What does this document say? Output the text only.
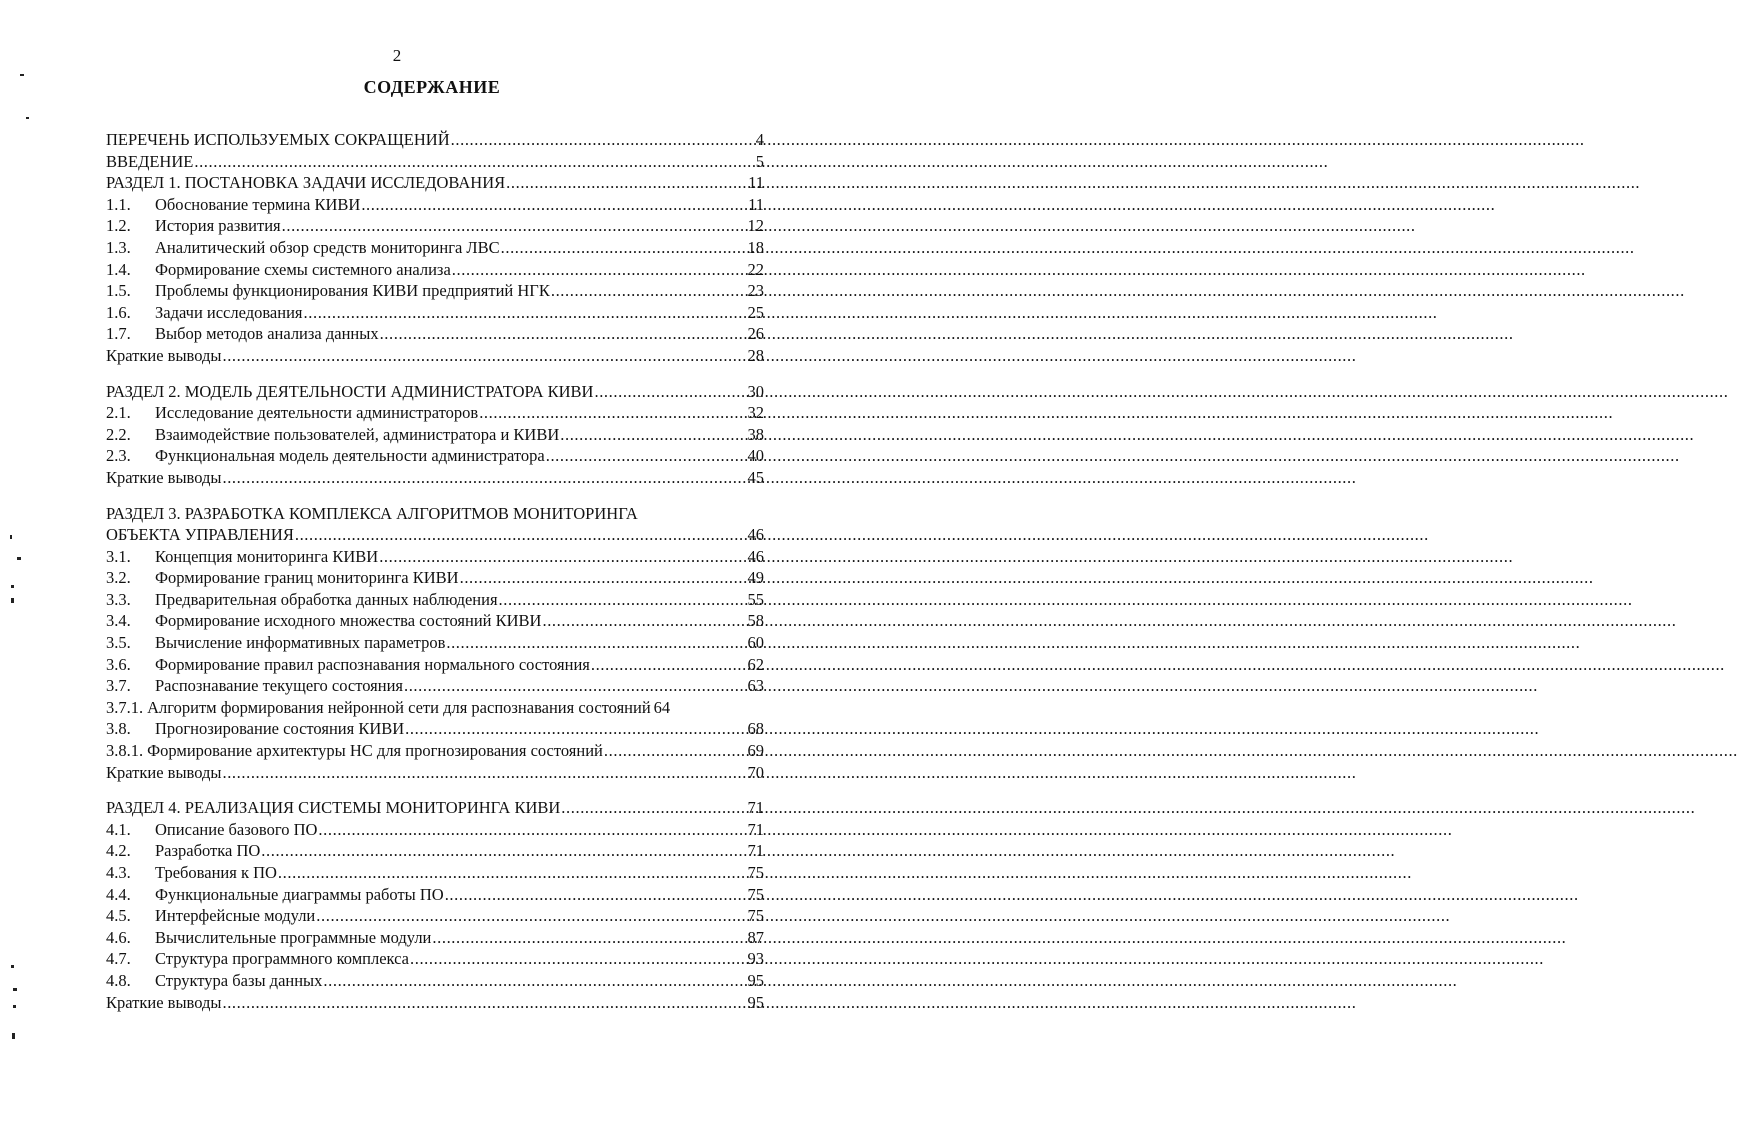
2
СОДЕРЖАНИЕ
ПЕРЕЧЕНЬ ИСПОЛЬЗУЕМЫХ СОКРАЩЕНИЙ .....	4
ВВЕДЕНИЕ .....	5
РАЗДЕЛ 1. ПОСТАНОВКА ЗАДАЧИ ИССЛЕДОВАНИЯ .....	11
1.1.	Обоснование термина КИВИ .....	11
1.2.	История развития .....	12
1.3.	Аналитический обзор средств мониторинга ЛВС .....	18
1.4.	Формирование схемы системного анализа .....	22
1.5.	Проблемы функционирования КИВИ предприятий НГК .....	23
1.6.	Задачи исследования .....	25
1.7.	Выбор методов анализа данных .....	26
Краткие выводы .....	28
РАЗДЕЛ 2. МОДЕЛЬ ДЕЯТЕЛЬНОСТИ АДМИНИСТРАТОРА КИВИ .....	30
2.1.	Исследование деятельности администраторов .....	32
2.2.	Взаимодействие пользователей, администратора и КИВИ .....	38
2.3.	Функциональная модель деятельности администратора .....	40
Краткие выводы .....	45
РАЗДЕЛ 3. РАЗРАБОТКА КОМПЛЕКСА АЛГОРИТМОВ МОНИТОРИНГА
ОБЪЕКТА УПРАВЛЕНИЯ .....	46
3.1.	Концепция мониторинга КИВИ .....	46
3.2.	Формирование границ мониторинга КИВИ .....	49
3.3.	Предварительная обработка данных наблюдения .....	55
3.4.	Формирование исходного множества состояний КИВИ .....	58
3.5.	Вычисление информативных параметров .....	60
3.6.	Формирование правил распознавания нормального состояния .....	62
3.7.	Распознавание текущего состояния .....	63
3.7.1. Алгоритм формирования нейронной сети для распознавания состояний 64
3.8.	Прогнозирование состояния КИВИ .....	68
3.8.1. Формирование архитектуры НС для прогнозирования состояний .....	69
Краткие выводы .....	70
РАЗДЕЛ 4. РЕАЛИЗАЦИЯ СИСТЕМЫ МОНИТОРИНГА КИВИ .....	71
4.1.	Описание базового ПО .....	71
4.2.	Разработка ПО .....	71
4.3.	Требования к ПО .....	75
4.4.	Функциональные диаграммы работы ПО .....	75
4.5.	Интерфейсные модули .....	75
4.6.	Вычислительные программные модули .....	87
4.7.	Структура программного комплекса .....	93
4.8.	Структура базы данных .....	95
Краткие выводы .....	95
